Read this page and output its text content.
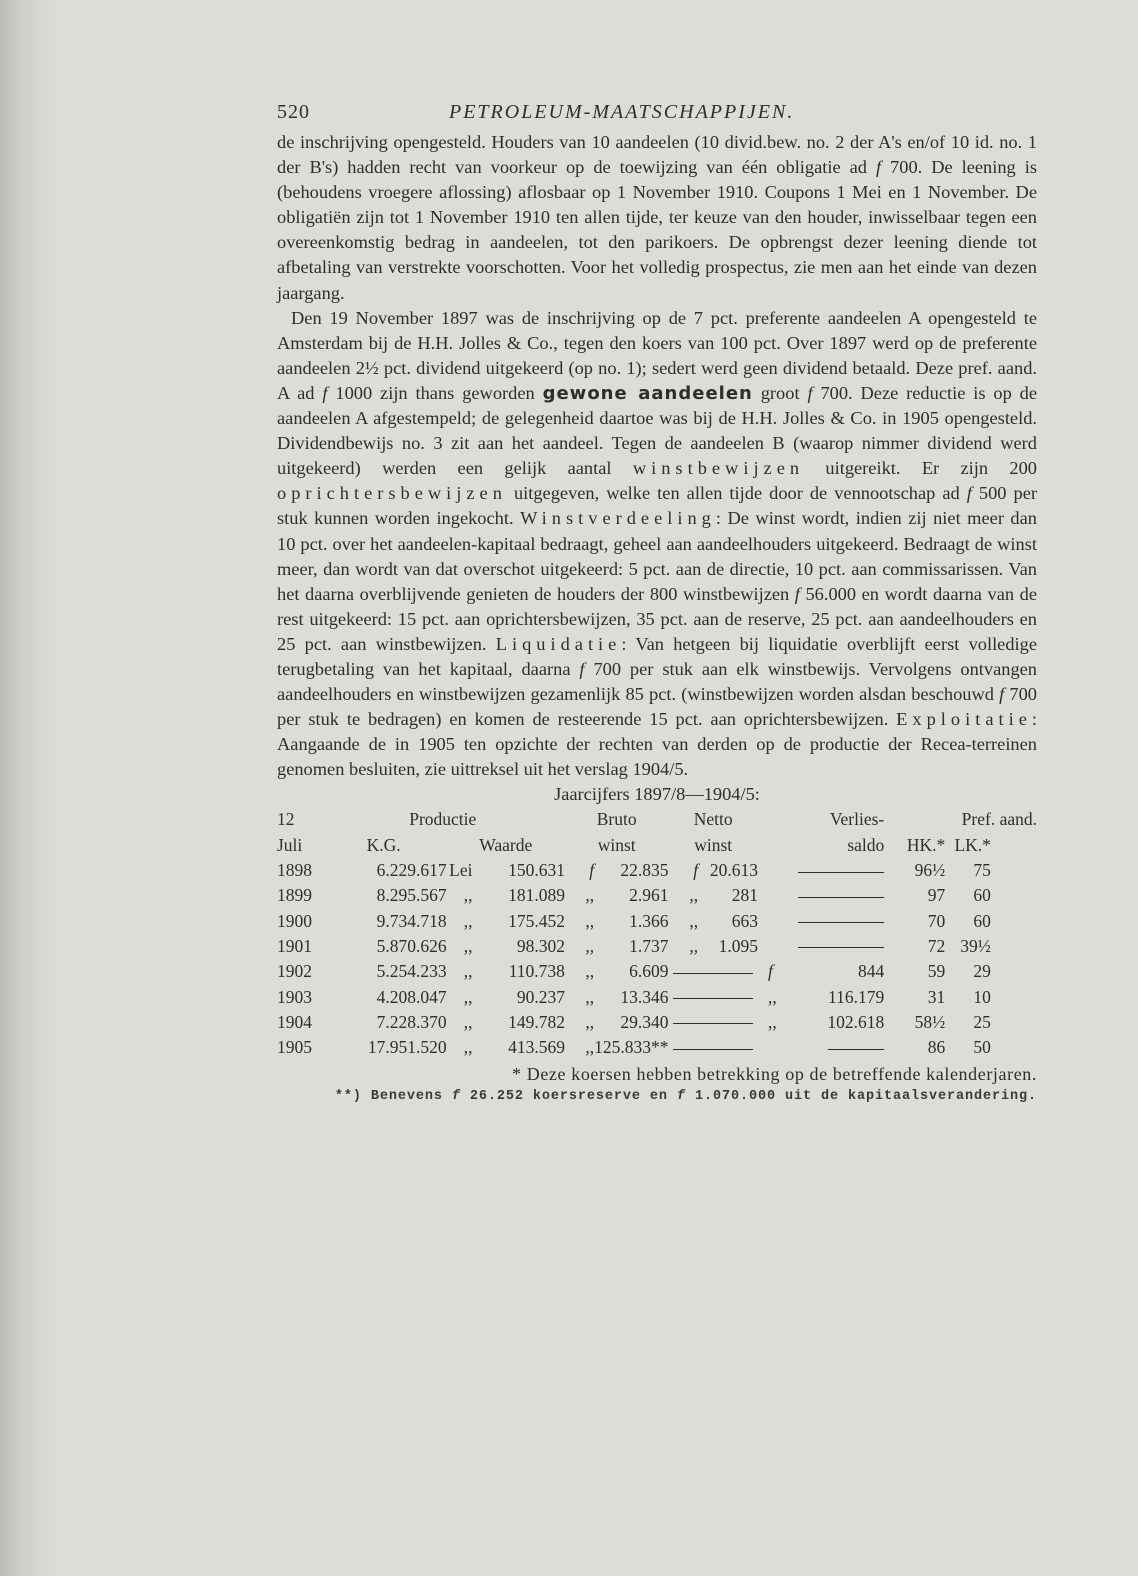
520	PETROLEUM-MAATSCHAPPIJEN.

de inschrijving opengesteld. Houders van 10 aandeelen (10 divid.bew. no. 2 der A's en/of 10 id. no. 1 der B's) hadden recht van voorkeur op de toewijzing van één obligatie ad f 700. De leening is (behoudens vroegere aflossing) aflosbaar op 1 November 1910. Coupons 1 Mei en 1 November. De obligatiën zijn tot 1 November 1910 ten allen tijde, ter keuze van den houder, inwisselbaar tegen een overeenkomstig bedrag in aandeelen, tot den parikoers. De opbrengst dezer leening diende tot afbetaling van verstrekte voorschotten. Voor het volledig prospectus, zie men aan het einde van dezen jaargang.

Den 19 November 1897 was de inschrijving op de 7 pct. preferente aandeelen A opengesteld te Amsterdam bij de H.H. Jolles & Co., tegen den koers van 100 pct. Over 1897 werd op de preferente aandeelen 2½ pct. dividend uitgekeerd (op no. 1); sedert werd geen dividend betaald. Deze pref. aand. A ad f 1000 zijn thans geworden gewone aandeelen groot f 700. Deze reductie is op de aandeelen A afgestempeld; de gelegenheid daartoe was bij de H.H. Jolles & Co. in 1905 opengesteld. Dividendbewijs no. 3 zit aan het aandeel. Tegen de aandeelen B (waarop nimmer dividend werd uitgekeerd) werden een gelijk aantal winstbewijzen uitgereikt. Er zijn 200 oprichtersbewijzen uitgegeven, welke ten allen tijde door de vennootschap ad f 500 per stuk kunnen worden ingekocht. Winstverdeeling: De winst wordt, indien zij niet meer dan 10 pct. over het aandeelen-kapitaal bedraagt, geheel aan aandeelhouders uitgekeerd. Bedraagt de winst meer, dan wordt van dat overschot uitgekeerd: 5 pct. aan de directie, 10 pct. aan commissarissen. Van het daarna overblijvende genieten de houders der 800 winstbewijzen f 56.000 en wordt daarna van de rest uitgekeerd: 15 pct. aan oprichtersbewijzen, 35 pct. aan de reserve, 25 pct. aan aandeelhouders en 25 pct. aan winstbewijzen. Liquidatie: Van hetgeen bij liquidatie overblijft eerst volledige terugbetaling van het kapitaal, daarna f 700 per stuk aan elk winstbewijs. Vervolgens ontvangen aandeelhouders en winstbewijzen gezamenlijk 85 pct. (winstbewijzen worden alsdan beschouwd f 700 per stuk te bedragen) en komen de resteerende 15 pct. aan oprichtersbewijzen. Exploitatie: Aangaande de in 1905 ten opzichte der rechten van derden op de productie der Recea-terreinen genomen besluiten, zie uittreksel uit het verslag 1904/5.

Jaarcijfers 1897/8—1904/5:
12	Productie			Bruto		Netto		Verlies-		Pref. aand.		
Juli	K.G.	Waarde		winst		winst		saldo		HK.*	LK.*	
1898	6.229.617	Lei	150.631	f	22.835	f	20.613			96½	75	
1899	8.295.567	,,	181.089	,,	2.961	,,	281			97	60	
1900	9.734.718	,,	175.452	,,	1.366	,,	663			70	60	
1901	5.870.626	,,	98.302	,,	1.737	,,	1.095			72	39½	
1902	5.254.233	,,	110.738	,,	6.609			f	844	59	29	
1903	4.208.047	,,	90.237	,,	13.346			,,	116.179	31	10	
1904	7.228.370	,,	149.782	,,	29.340			,,	102.618	58½	25	
1905	17.951.520	,,	413.569	,,	125.833**					86	50	
* Deze koersen hebben betrekking op de betreffende kalenderjaren.
**) Benevens f 26.252 koersreserve en f 1.070.000 uit de kapitaalsverandering.
